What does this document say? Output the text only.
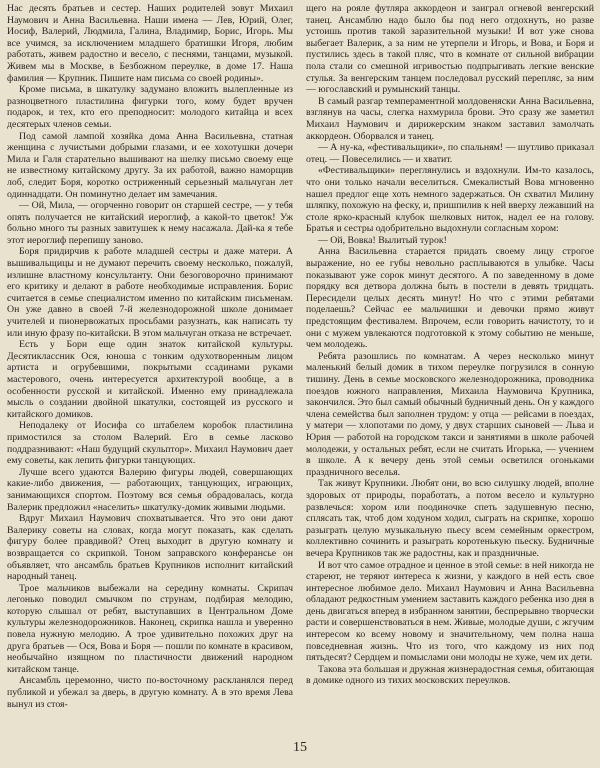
Нас десять братьев и сестер. Наших родителей зовут Михаил Наумович и Анна Васильевна. Наши имена — Лев, Юрий, Олег, Иосиф, Валерий, Людмила, Галина, Владимир, Борис, Игорь. Мы все учимся, за исключением младшего братишки Игоря, любим работать, живем радостно и весело, с песнями, танцами, музыкой. Живем мы в Москве, в Безбожном переулке, в доме 17. Наша фамилия — Крупник. Пишите нам письма со своей родины».

Кроме письма, в шкатулку задумано вложить вылепленные из разноцветного пластилина фигурки того, кому будет вручен подарок, и тех, кто его преподносит: молодого китайца и всех десятерых членов семьи.

Под самой лампой хозяйка дома Анна Васильевна, статная женщина с лучистыми добрыми глазами, и ее хохотушки дочери Мила и Галя старательно вышивают на шелку письмо своему еще не известному китайскому другу. За их работой, важно наморщив лоб, следит Боря, коротко остриженный серьезный мальчуган лет одиннадцати. Он поминутно делает им замечания.

— Ой, Мила, — огорченно говорит он старшей сестре, — у тебя опять получается не китайский иероглиф, а какой-то цветок! Уж больно много ты разных завитушек к нему насажала. Дай-ка я тебе этот иероглиф перепишу заново.

Боря придирчив к работе младшей сестры и даже матери. А вышивальщицы и не думают перечить своему несколько, пожалуй, излишне властному консультанту. Они безоговорочно принимают его критику и делают в работе необходимые исправления. Борис считается в семье специалистом именно по китайским письменам. Он уже давно в своей 7-й железнодорожной школе донимает учителей и пионервожатых просьбами разузнать, как написать ту или иную фразу по-китайски. В этом мальчуган отказа не встречает.

Есть у Бори еще один знаток китайской культуры. Десятиклассник Ося, юноша с тонким одухотворенным лицом артиста и огрубевшими, покрытыми ссадинами руками мастерового, очень интересуется архитектурой вообще, а в особенности русской и китайской. Именно ему принадлежала мысль о создании двойной шкатулки, состоящей из русского и китайского домиков.

Неподалеку от Иосифа со штабелем коробок пластилина примостился за столом Валерий. Его в семье ласково поддразнивают: «Наш будущий скульптор». Михаил Наумович дает ему советы, как лепить фигурки танцующих.

Лучше всего удаются Валерию фигуры людей, совершающих какие-либо движения, — работающих, танцующих, играющих, занимающихся спортом. Поэтому вся семья обрадовалась, когда Валерик предложил «населить» шкатулку-домик живыми людьми.

Вдруг Михаил Наумович спохватывается. Что это они дают Валерику советы на словах, когда могут показать, как сделать фигуру более правдивой? Отец выходит в другую комнату и возвращается со скрипкой. Тоном заправского конферансье он объявляет, что ансамбль братьев Крупников исполнит китайский народный танец.

Трое мальчиков выбежали на середину комнаты. Скрипач легонько поводил смычком по струнам, подбирая мелодию, которую слышал от ребят, выступавших в Центральном Доме культуры железнодорожников. Наконец, скрипка нашла и уверенно повела нужную мелодию. А трое удивительно похожих друг на друга братьев — Ося, Вова и Боря — пошли по комнате в красивом, необычайно изящном по пластичности движений народном китайском танце.

Ансамбль церемонно, чисто по-восточному раскланялся перед публикой и убежал за дверь, в другую комнату. А в это время Лева вынул из стоя-

щего на рояле футляра аккордеон и заиграл огневой венгерский танец. Ансамблю надо было бы под него отдохнуть, но разве устоишь против такой заразительной музыки! И вот уже снова выбегает Валерик, а за ним не утерпели и Игорь, и Вова, и Боря и пустились здесь в такой пляс, что в комнате от сильной вибрации пола стали со смешной игривостью подпрыгивать легкие венские стулья. За венгерским танцем последовал русский перепляс, за ним — югославский и румынский танцы.

В самый разгар темпераментной молдовеняски Анна Васильевна, взглянув на часы, слегка нахмурила брови. Это сразу же заметил Михаил Наумович и дирижерским знаком заставил замолчать аккордеон. Оборвался и танец.

— А ну-ка, «фестивальщики», по спальням! — шутливо приказал отец. — Повеселились — и хватит.

«Фестивальщики» переглянулись и вздохнули. Им-то казалось, что они только начали веселиться. Смекалистый Вова мгновенно нашел предлог еще хоть немного задержаться. Он схватил Милину шляпку, похожую на феску, и, пришпилив к ней вверху лежавший на столе ярко-красный клубок шелковых ниток, надел ее на голову. Братья и сестры одобрительно выдохнули согласным хором:

— Ой, Вовка! Вылитый турок!

Анна Васильевна старается придать своему лицу строгое выражение, но ее губы невольно расплываются в улыбке. Часы показывают уже сорок минут десятого. А по заведенному в доме порядку вся детвора должна быть в постели в девять тридцать. Пересидели целых десять минут! Но что с этими ребятами поделаешь? Сейчас ее мальчишки и девочки прямо живут предстоящим фестивалем. Впрочем, если говорить начистоту, то и они с мужем увлекаются подготовкой к этому событию не меньше, чем молодежь.

Ребята разошлись по комнатам. А через несколько минут маленький белый домик в тихом переулке погрузился в сонную тишину. День в семье московского железнодорожника, проводника поездов южного направления, Михаила Наумовича Крупника, закончился. Это был самый обычный будничный день. Он у каждого члена семейства был заполнен трудом: у отца — рейсами в поездах, у матери — хлопотами по дому, у двух старших сыновей — Льва и Юрия — работой на городском такси и занятиями в школе рабочей молодежи, у остальных ребят, если не считать Игорька, — учением в школе. А к вечеру день этой семьи осветился огоньками праздничного веселья.

Так живут Крупники. Любят они, во всю силушку людей, вполне здоровых от природы, поработать, а потом весело и культурно развлечься: хором или поодиночке спеть задушевную песню, сплясать так, чтоб дом ходуном ходил, сыграть на скрипке, хорошо разыграть целую музыкальную пьесу всем семейным оркестром, коллективно сочинить и разыграть коротенькую пьеску. Будничные вечера Крупников так же радостны, как и праздничные.

И вот что самое отрадное и ценное в этой семье: в ней никогда не стареют, не теряют интереса к жизни, у каждого в ней есть свое интересное любимое дело. Михаил Наумович и Анна Васильевна обладают редкостным умением заставить каждого ребенка изо дня в день двигаться вперед в избранном занятии, беспрерывно творчески расти и совершенствоваться в нем. Живые, молодые души, с жгучим интересом ко всему новому и значительному, чем полна наша повседневная жизнь. Что из того, что каждому из них под пятьдесят? Сердцем и помыслами они молоды не хуже, чем их дети.

Такова эта большая и дружная жизнерадостная семья, обитающая в домике одного из тихих московских переулков.

15
